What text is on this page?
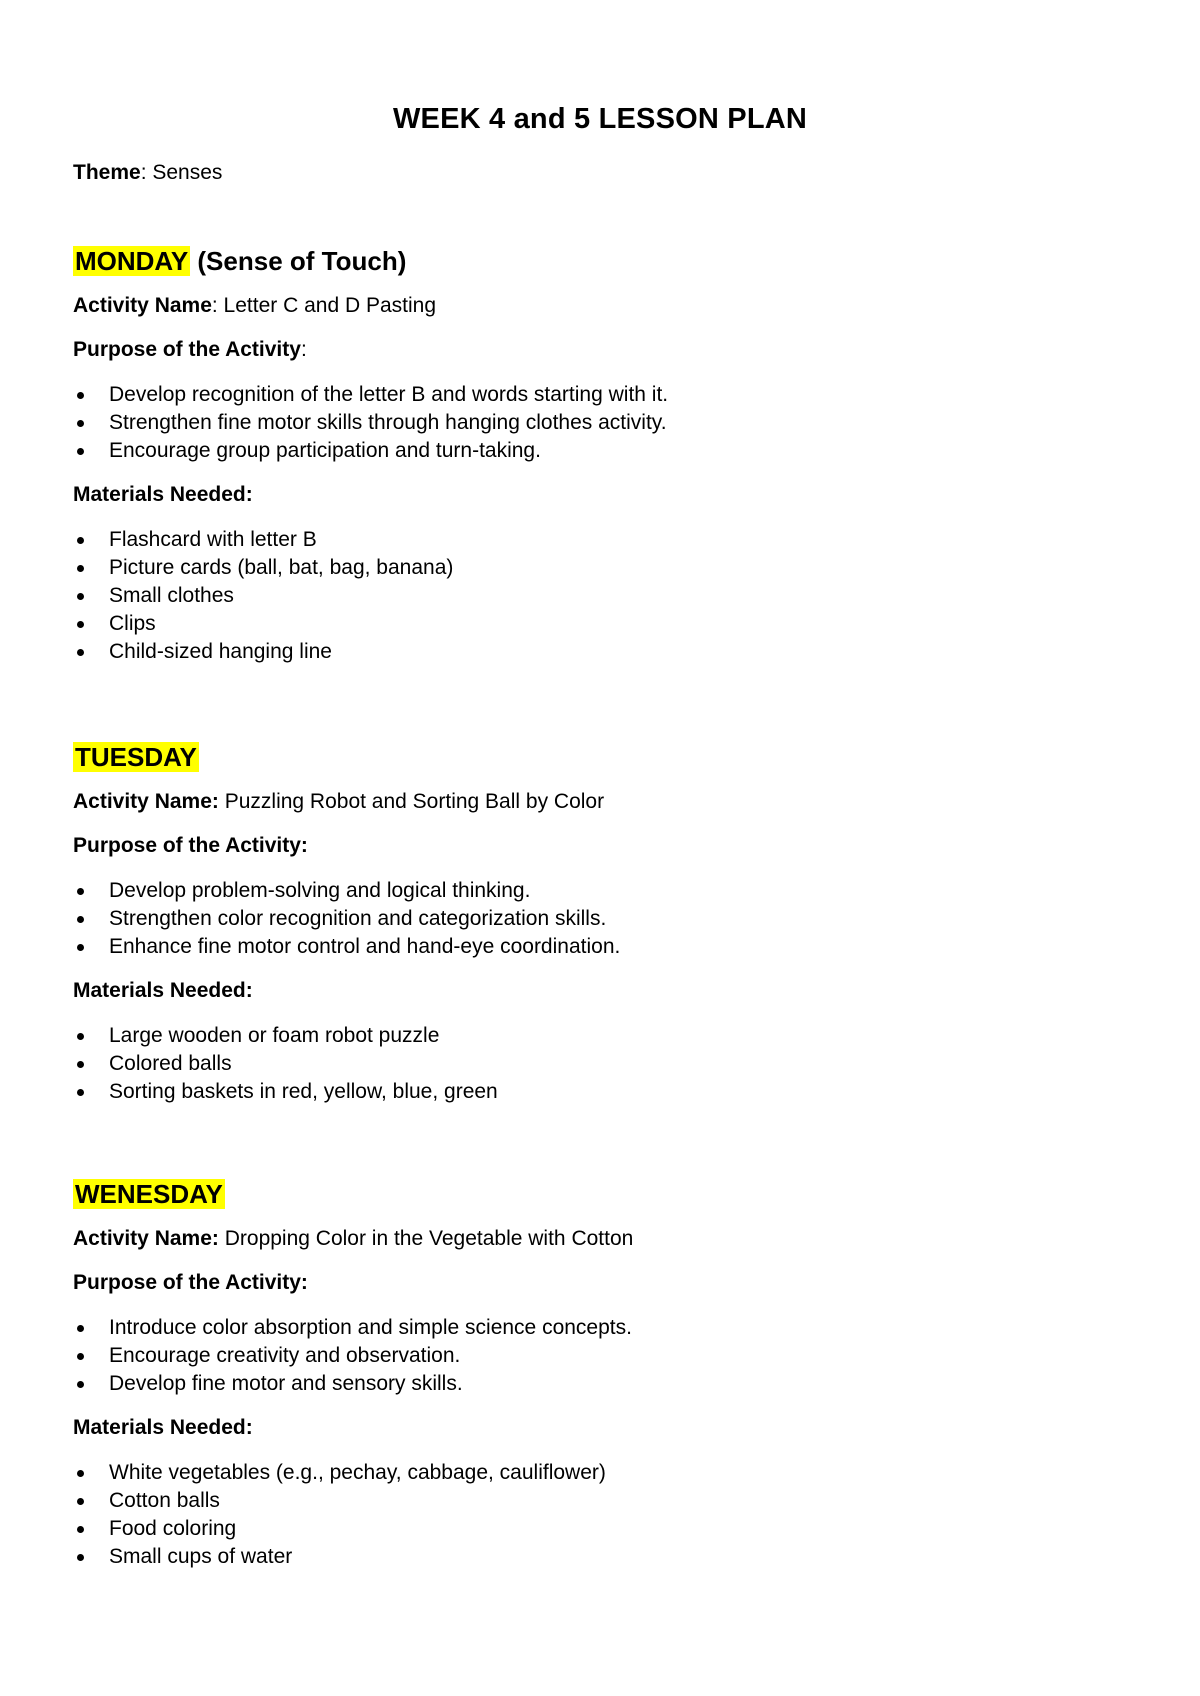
WEEK 4 and 5 LESSON PLAN
Theme: Senses
MONDAY (Sense of Touch)
Activity Name: Letter C and D Pasting
Purpose of the Activity:
Develop recognition of the letter B and words starting with it.
Strengthen fine motor skills through hanging clothes activity.
Encourage group participation and turn-taking.
Materials Needed:
Flashcard with letter B
Picture cards (ball, bat, bag, banana)
Small clothes
Clips
Child-sized hanging line
TUESDAY
Activity Name: Puzzling Robot and Sorting Ball by Color
Purpose of the Activity:
Develop problem-solving and logical thinking.
Strengthen color recognition and categorization skills.
Enhance fine motor control and hand-eye coordination.
Materials Needed:
Large wooden or foam robot puzzle
Colored balls
Sorting baskets in red, yellow, blue, green
WENESDAY
Activity Name: Dropping Color in the Vegetable with Cotton
Purpose of the Activity:
Introduce color absorption and simple science concepts.
Encourage creativity and observation.
Develop fine motor and sensory skills.
Materials Needed:
White vegetables (e.g., pechay, cabbage, cauliflower)
Cotton balls
Food coloring
Small cups of water
